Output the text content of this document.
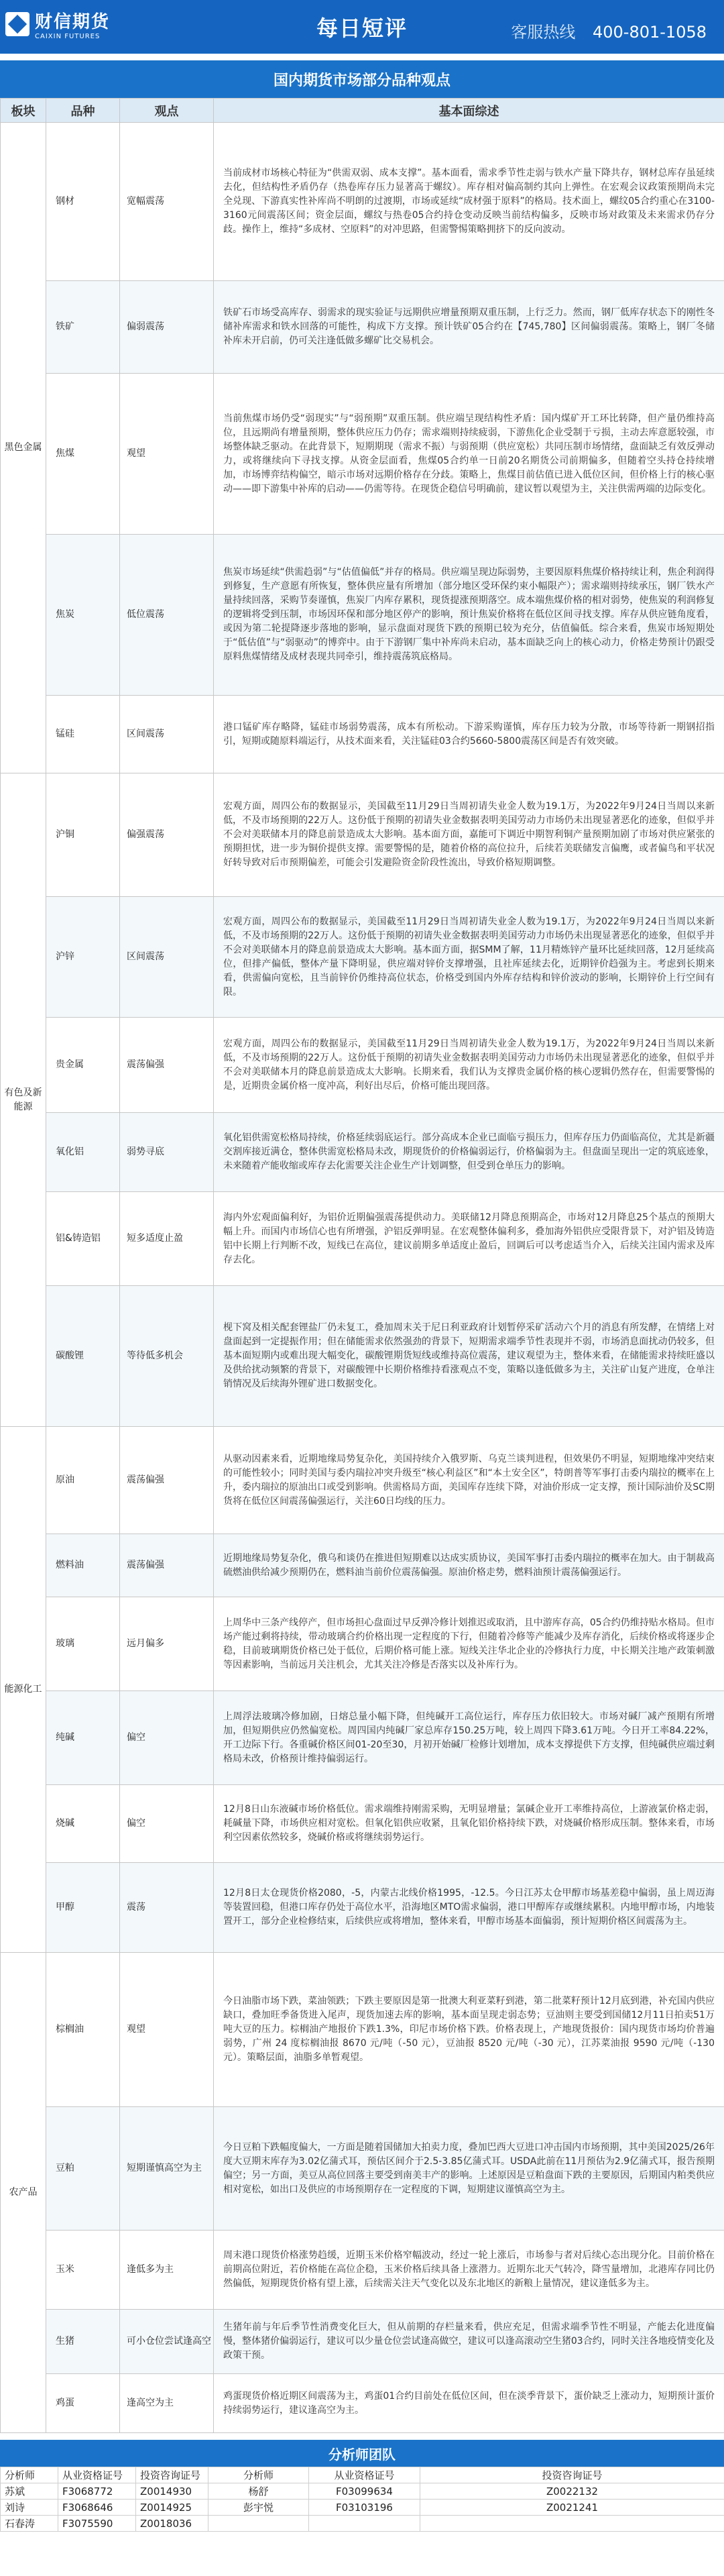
财信期货
CAIXIN FUTURES	每日短评	客服热线 400-801-1058
国内期货市场部分品种观点
板块	品种	观点	基本面综述
黑色金属	钢材	宽幅震荡	当前成材市场核心特征为“供需双弱、成本支撑”。基本面看，需求季节性走弱与铁水产量下降共存，钢材总库存虽延续去化，但结构性矛盾仍存（热卷库存压力显著高于螺纹）。库存相对偏高制约其向上弹性。在宏观会议政策预期尚未完全兑现、下游真实性补库尚不明朗的过渡期，市场或延续“成材强于原料”的格局。技术面上，螺纹05合约重心在3100-3160元间震荡区间；资金层面，螺纹与热卷05合约持仓变动反映当前结构偏多，反映市场对政策及未来需求仍存分歧。操作上，维持“多成材、空原料”的对冲思路，但需警惕策略拥挤下的反向波动。
	铁矿	偏弱震荡	铁矿石市场受高库存、弱需求的现实验证与远期供应增量预期双重压制，上行乏力。然而，钢厂低库存状态下的刚性冬储补库需求和铁水回落的可能性，构成下方支撑。预计铁矿05合约在【745,780】区间偏弱震荡。策略上，钢厂冬储补库未开启前，仍可关注逢低做多螺矿比交易机会。
	焦煤	观望	当前焦煤市场仍受“弱现实”与“弱预期”双重压制。供应端呈现结构性矛盾：国内煤矿开工环比转降，但产量仍维持高位，且远期尚有增量预期，整体供应压力仍存；需求端则持续疲弱，下游焦化企业受制于亏损，主动去库意愿较强，市场整体缺乏驱动。在此背景下，短期期现（需求不振）与弱预期（供应宽松）共同压制市场情绪，盘面缺乏有效反弹动力，或将继续向下寻找支撑。从资金层面看，焦煤05合约单一日前20名期货公司前期偏多，但随着空头持仓持续增加，市场博弈结构偏空，暗示市场对远期价格存在分歧。策略上，焦煤目前估值已进入低位区间，但价格上行的核心驱动——即下游集中补库的启动——仍需等待。在现货企稳信号明确前，建议暂以观望为主，关注供需两端的边际变化。
	焦炭	低位震荡	焦炭市场延续“供需趋弱”与“估值偏低”并存的格局。供应端呈现边际弱势，主要因原料焦煤价格持续让利，焦企利润得到修复，生产意愿有所恢复，整体供应量有所增加（部分地区受环保约束小幅限产）；需求端则持续承压，钢厂铁水产量持续回落，采购节奏谨慎，焦炭厂内库存累积，现货提涨预期落空。成本端焦煤价格的相对弱势，使焦炭的利润修复的逻辑将受到压制，市场因环保和部分地区停产的影响，预计焦炭价格将在低位区间寻找支撑。库存从供应链角度看，或因为第二轮提降逐步落地的影响，显示盘面对现货下跌的预期已较为充分，估值偏低。综合来看，焦炭市场短期处于“低估值”与“弱驱动”的博弈中。由于下游钢厂集中补库尚未启动，基本面缺乏向上的核心动力，价格走势预计仍跟受原料焦煤情绪及成材表现共同牵引，维持震荡筑底格局。
	锰硅	区间震荡	港口锰矿库存略降，锰硅市场弱势震荡，成本有所松动。下游采购谨慎，库存压力较为分散，市场等待新一期钢招指引，短期或随原料端运行，从技术面来看，关注锰硅03合约5660-5800震荡区间是否有效突破。
有色及新能源	沪铜	偏强震荡	宏观方面，周四公布的数据显示，美国截至11月29日当周初请失业金人数为19.1万，为2022年9月24日当周以来新低，不及市场预期的22万人。这份低于预期的初请失业金数据表明美国劳动力市场仍未出现显著恶化的迹象，但似乎并不会对美联储本月的降息前景造成太大影响。基本面方面，嘉能可下调近中期智利铜产量预期加剧了市场对供应紧张的预期担忧，进一步为铜价提供支撑。需要警惕的是，随着价格的高位拉升，后续若美联储发言偏鹰，或者偏鸟和平状况好转导致对后市预期偏差，可能会引发避险资金阶段性流出，导致价格短期调整。
	沪锌	区间震荡	宏观方面，周四公布的数据显示，美国截至11月29日当周初请失业金人数为19.1万，为2022年9月24日当周以来新低，不及市场预期的22万人。这份低于预期的初请失业金数据表明美国劳动力市场仍未出现显著恶化的迹象，但似乎并不会对美联储本月的降息前景造成太大影响。基本面方面，据SMM了解，11月精炼锌产量环比延续回落，12月延续高位，但排产偏低，整体产量下降明显，供应端对锌价支撑增强，且社库延续去化，近期锌价趋强为主。考虑到长期来看，供需偏向宽松，且当前锌价仍维持高位状态，价格受到国内外库存结构和锌价波动的影响，长期锌价上行空间有限。
	贵金属	震荡偏强	宏观方面，周四公布的数据显示，美国截至11月29日当周初请失业金人数为19.1万，为2022年9月24日当周以来新低，不及市场预期的22万人。这份低于预期的初请失业金数据表明美国劳动力市场仍未出现显著恶化的迹象，但似乎并不会对美联储本月的降息前景造成太大影响。长期来看，我们认为支撑贵金属价格的核心逻辑仍然存在，但需要警惕的是，近期贵金属价格一度冲高，利好出尽后，价格可能出现回落。
	氧化铝	弱势寻底	氧化铝供需宽松格局持续，价格延续弱底运行。部分高成本企业已面临亏损压力，但库存压力仍面临高位，尤其是新疆交割库接近满仓，整体供需宽松格局未改，期现货价的价格偏弱运行，价格偏弱为主。但盘面呈现出一定的筑底迹象，未来随着产能收缩或库存去化需要关注企业生产计划调整，但受到仓单压力的影响。
	铝&铸造铝	短多适度止盈	海内外宏观面偏利好，为铝价近期偏强震荡提供动力。美联储12月降息预期高企，市场对12月降息25个基点的预期大幅上升。而国内市场信心也有所增强，沪铝反弹明显。在宏观整体偏利多，叠加海外铝供应受限背景下，对沪铝及铸造铝中长期上行判断不改，短线已在高位，建议前期多单适度止盈后，回调后可以考虑适当介入，后续关注国内需求及库存去化。
	碳酸锂	等待低多机会	枧下窝及相关配套锂盐厂仍未复工，叠加周末关于尼日利亚政府计划暂停采矿活动六个月的消息有所发酵，在情绪上对盘面起到一定提振作用；但在储能需求依然强劲的背景下，短期需求端季节性表现并不弱，市场消息面扰动仍较多，但基本面短期内或难出现大幅变化，碳酸锂期货短线或维持高位震荡，建议观望为主，整体来看，在储能需求持续旺盛以及供给扰动频繁的背景下，对碳酸锂中长期价格维持看涨观点不变，策略以逢低做多为主，关注矿山复产进度，仓单注销情况及后续海外锂矿进口数据变化。
能源化工	原油	震荡偏强	从驱动因素来看，近期地缘局势复杂化，美国持续介入俄罗斯、乌克兰谈判进程，但效果仍不明显，短期地缘冲突结束的可能性较小；同时美国与委内瑞拉冲突升级至“核心利益区”和“本土安全区”，特朗普等军事打击委内瑞拉的概率在上升，委内瑞拉的原油出口或受到影响。供需格局方面，美国库存连续下降，对油价形成一定支撑，预计国际油价及SC期货将在低位区间震荡偏强运行，关注60日均线的压力。
	燃料油	震荡偏强	近期地缘局势复杂化，俄乌和谈仍在推进但短期难以达成实质协议，美国军事打击委内瑞拉的概率在加大。由于制裁高硫燃油供给减少预期仍在，燃料油当前价位震荡偏强。原油价格走势，燃料油预计震荡偏强运行。
	玻璃	远月偏多	上周华中三条产线停产，但市场担心盘面过早反弹冷修计划推迟或取消，且中游库存高，05合约仍维持贴水格局。但市场产能过剩将持续，带动玻璃合约价格出现一定程度的下行，但随着冷修等产能减少及库存消化，后续价格或将逐步企稳，目前玻璃期货价格已处于低位，后期价格可能上涨。短线关注华北企业的冷修执行力度，中长期关注地产政策刺激等因素影响，当前远月关注机会，尤其关注冷修是否落实以及补库行为。
	纯碱	偏空	上周浮法玻璃冷修加剧，日熔总量小幅下降，但纯碱开工高位运行，库存压力依旧较大。市场对碱厂减产预期有所增加，但短期供应仍然偏宽松。周四国内纯碱厂家总库存150.25万吨，较上周四下降3.61万吨。今日开工率84.22%，开工边际下行。各重碱价格区间01-20至30，月初开始碱厂检修计划增加，成本支撑提供下方支撑，但纯碱供应端过剩格局未改，价格预计维持偏弱运行。
	烧碱	偏空	12月8日山东液碱市场价格低位。需求端维持刚需采购，无明显增量；氯碱企业开工率维持高位，上游液氯价格走弱，耗碱量下降，市场供应相对宽松。但氧化铝供应收紧，且氧化铝价格持续下跌，对烧碱价格形成压制。整体来看，市场利空因素依然较多，烧碱价格或将继续弱势运行。
	甲醇	震荡	12月8日太仓现货价格2080，-5，内蒙古北线价格1995，-12.5。今日江苏太仓甲醇市场基差稳中偏弱，虽上周迈海等装置回稳，但港口库存仍处于高位水平，沿海地区MTO需求偏弱，港口甲醇库存或继续累积。内地甲醇市场，内地装置开工，部分企业检修结束，后续供应或将增加，整体来看，甲醇市场基本面偏弱，预计短期价格区间震荡为主。
农产品	棕榈油	观望	今日油脂市场下跌，菜油领跌；下跌主要原因是第一批澳大利亚菜籽到港，第二批菜籽预计12月底到港，补充国内供应缺口，叠加旺季备货进入尾声，现货加速去库的影响，基本面呈现走弱态势；豆油则主要受到国储12月11日拍卖51万吨大豆的压力。棕榈油产地报价下跌1.3%，印尼市场价格下跌。价格表现上，产地现货报价：国内现货市场均价普遍弱势，广州 24 度棕榈油报 8670 元/吨（-50 元），豆油报 8520 元/吨（-30 元），江苏菜油报 9590 元/吨（-130 元）。策略层面，油脂多单暂观望。
	豆粕	短期谨慎高空为主	今日豆粕下跌幅度偏大，一方面是随着国储加大拍卖力度，叠加巴西大豆进口冲击国内市场预期，其中美国2025/26年度大豆期末库存为3.02亿蒲式耳，预估区间介于2.5-3.85亿蒲式耳。USDA此前在11月预估为2.9亿蒲式耳，报告预期偏空；另一方面，美豆从高位回落主要受到南美丰产的影响。上述原因是豆粕盘面下跌的主要原因，后期国内粕类供应相对宽松，如出口及供应的市场预期存在一定程度的下调，短期建议谨慎高空为主。
	玉米	逢低多为主	周末港口现货价格涨势趋缓，近期玉米价格窄幅波动，经过一轮上涨后，市场参与者对后续心态出现分化。目前价格在前期高位附近，若价格能在高位企稳，玉米价格后续具备上涨潜力。近期东北天气转冷，降雪量增加，北港库存同比仍然偏低，短期现货价格有望上涨，后续需关注天气变化以及东北地区的新粮上量情况，建议逢低多为主。
	生猪	可小仓位尝试逢高空	生猪年前与年后季节性消费变化巨大，但从前期的存栏量来看，供应充足，但需求端季节性不明显，产能去化进度偏慢，整体猪价偏弱运行，建议可以少量仓位尝试逢高做空，建议可以逢高滚动空生猪03合约，同时关注各地疫情变化及政策干预。
	鸡蛋	逢高空为主	鸡蛋现货价格近期区间震荡为主，鸡蛋01合约目前处在低位区间，但在淡季背景下，蛋价缺乏上涨动力，短期预计蛋价持续弱势运行，建议逢高空为主。
分析师团队
分析师	从业资格证号	投资咨询证号	分析师	从业资格证号	投资咨询证号
苏斌	F3068772	Z0014930	杨舒	F03099634	Z0022132
刘诗	F3068646	Z0014925	彭宇悦	F03103196	Z0021241
石春涛	F3075590	Z0018036			
